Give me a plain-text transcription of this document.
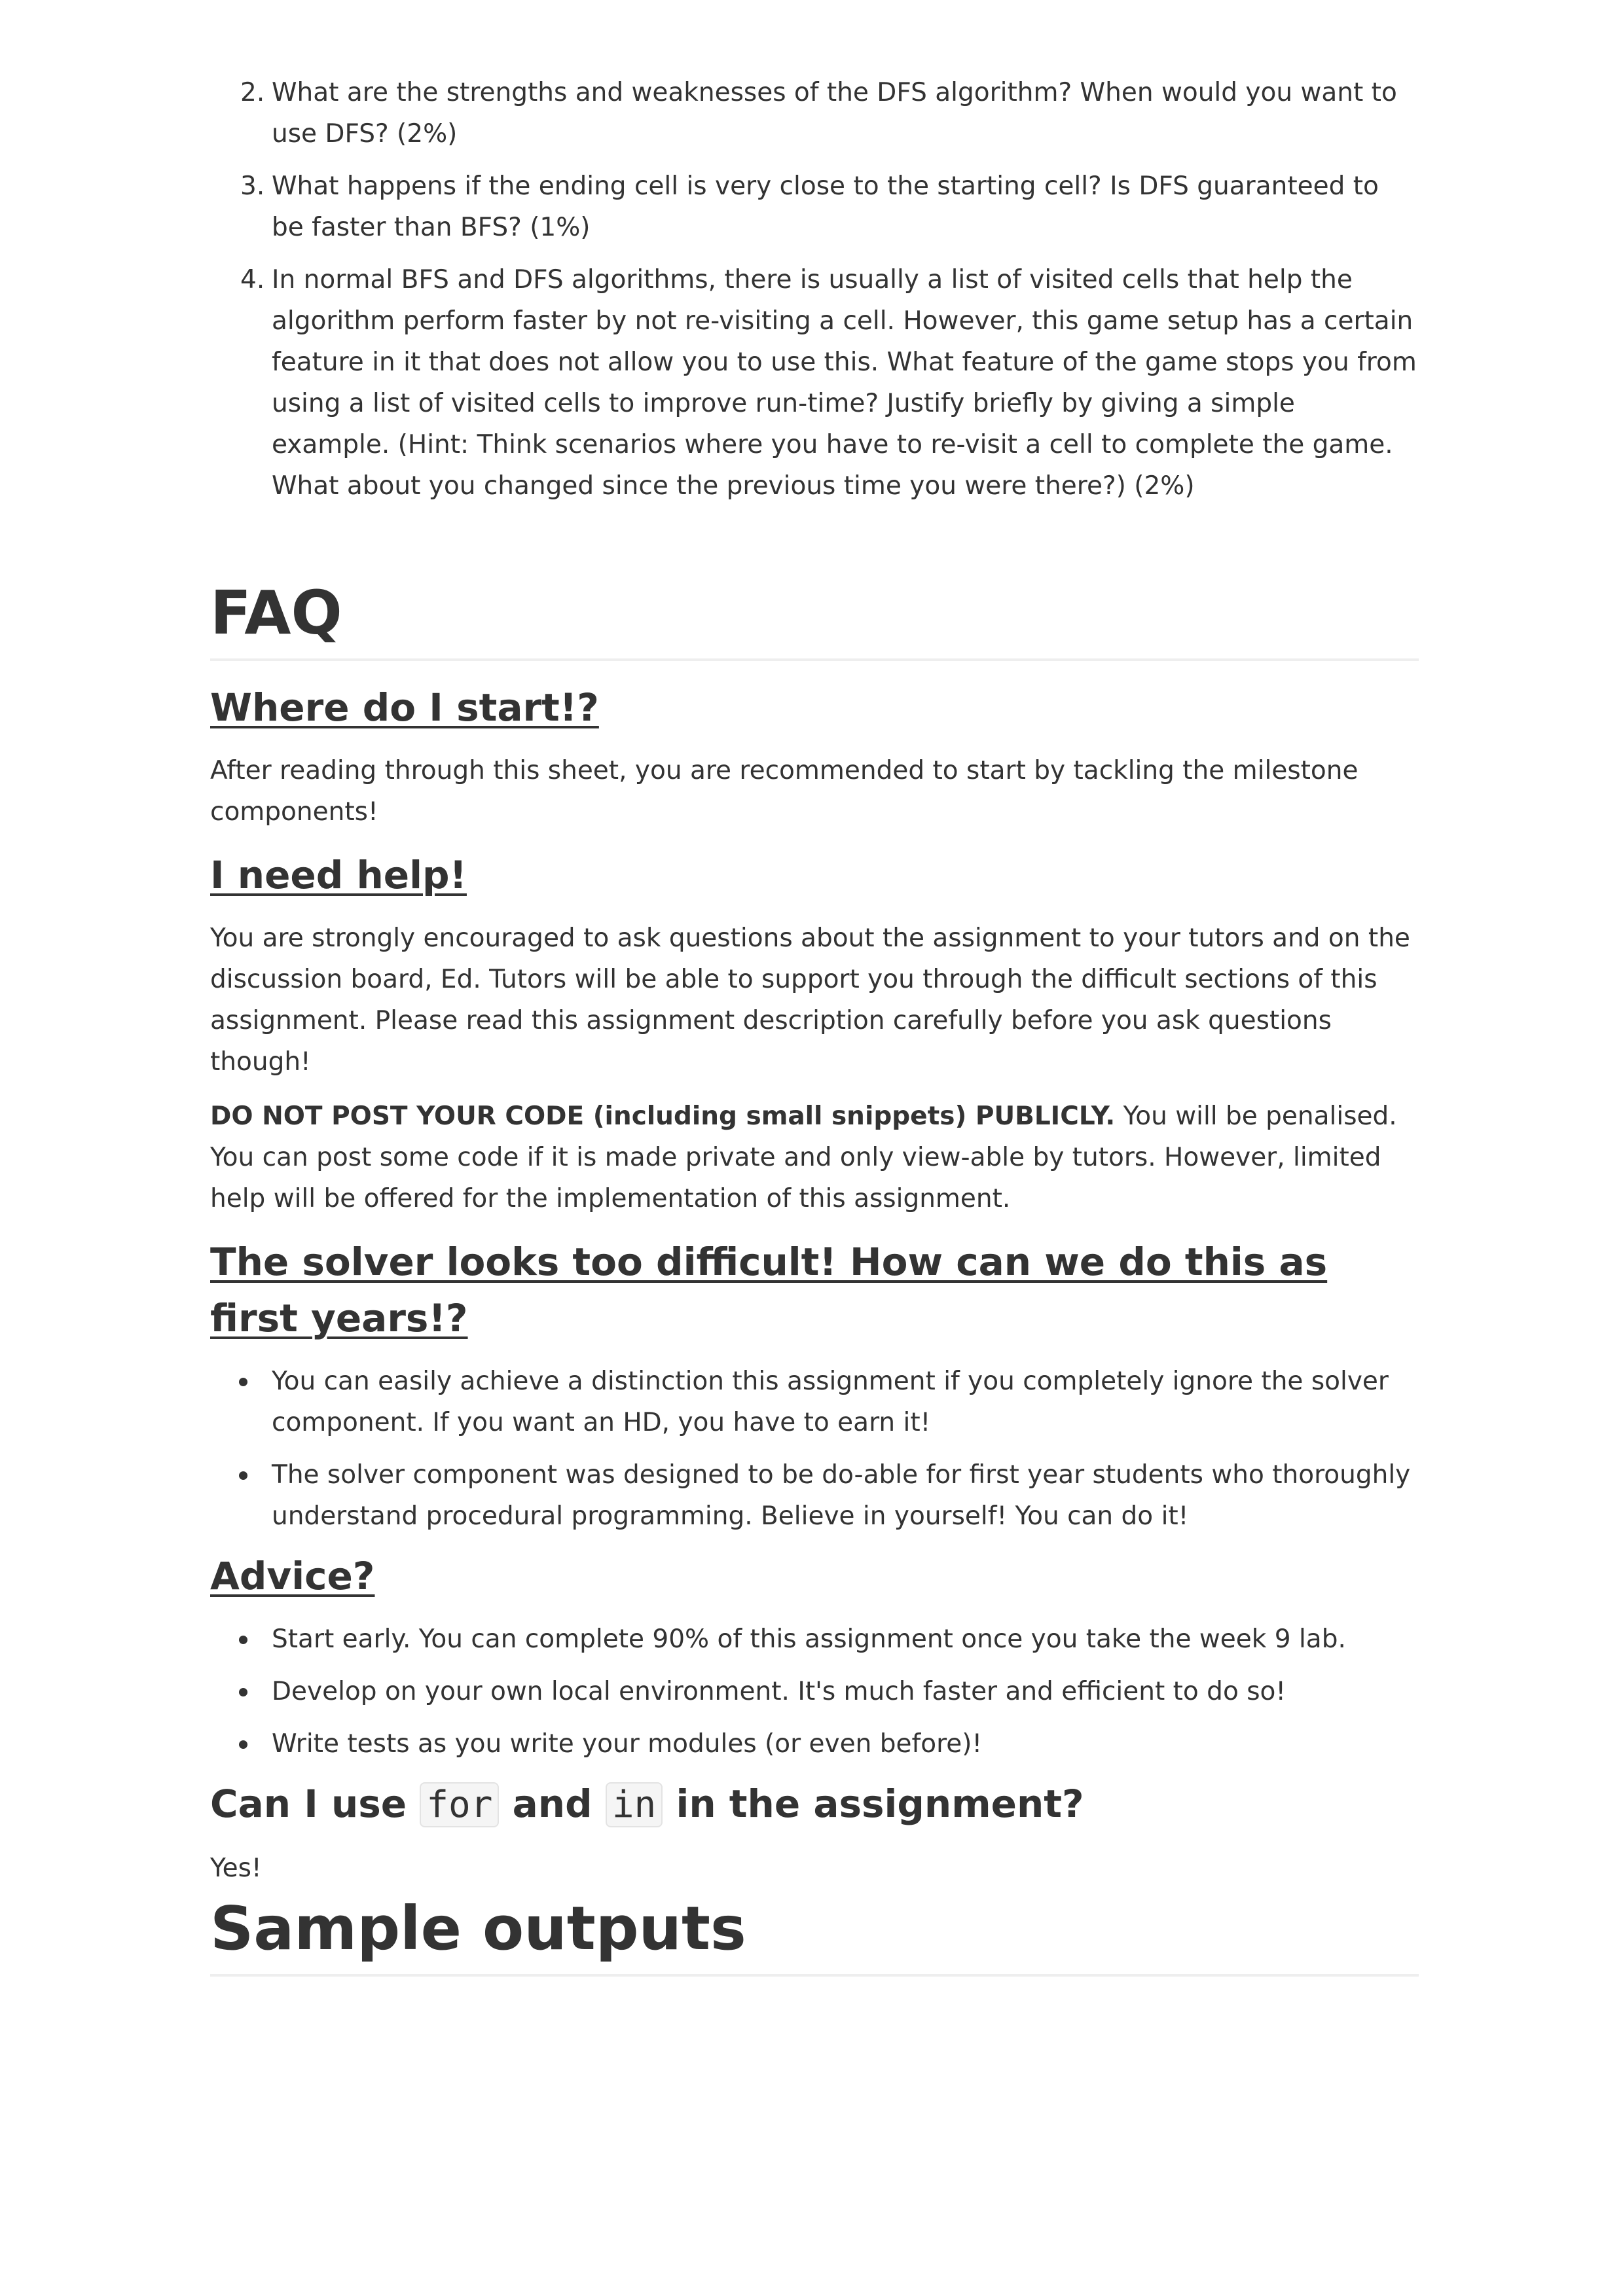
2. What are the strengths and weaknesses of the DFS algorithm? When would you want to use DFS? (2%)
3. What happens if the ending cell is very close to the starting cell? Is DFS guaranteed to be faster than BFS? (1%)
4. In normal BFS and DFS algorithms, there is usually a list of visited cells that help the algorithm perform faster by not re-visiting a cell. However, this game setup has a certain feature in it that does not allow you to use this. What feature of the game stops you from using a list of visited cells to improve run-time? Justify briefly by giving a simple example. (Hint: Think scenarios where you have to re-visit a cell to complete the game. What about you changed since the previous time you were there?) (2%)
FAQ
Where do I start!?

After reading through this sheet, you are recommended to start by tackling the milestone components!

I need help!

You are strongly encouraged to ask questions about the assignment to your tutors and on the discussion board, Ed. Tutors will be able to support you through the difficult sections of this assignment. Please read this assignment description carefully before you ask questions though!

DO NOT POST YOUR CODE (including small snippets) PUBLICLY. You will be penalised. You can post some code if it is made private and only view-able by tutors. However, limited help will be offered for the implementation of this assignment.

The solver looks too difficult! How can we do this as first years!?
You can easily achieve a distinction this assignment if you completely ignore the solver component. If you want an HD, you have to earn it!
The solver component was designed to be do-able for first year students who thoroughly understand procedural programming. Believe in yourself! You can do it!
Advice?
Start early. You can complete 90% of this assignment once you take the week 9 lab.
Develop on your own local environment. It's much faster and efficient to do so!
Write tests as you write your modules (or even before)!
Can I use for and in in the assignment?

Yes!

Sample outputs
